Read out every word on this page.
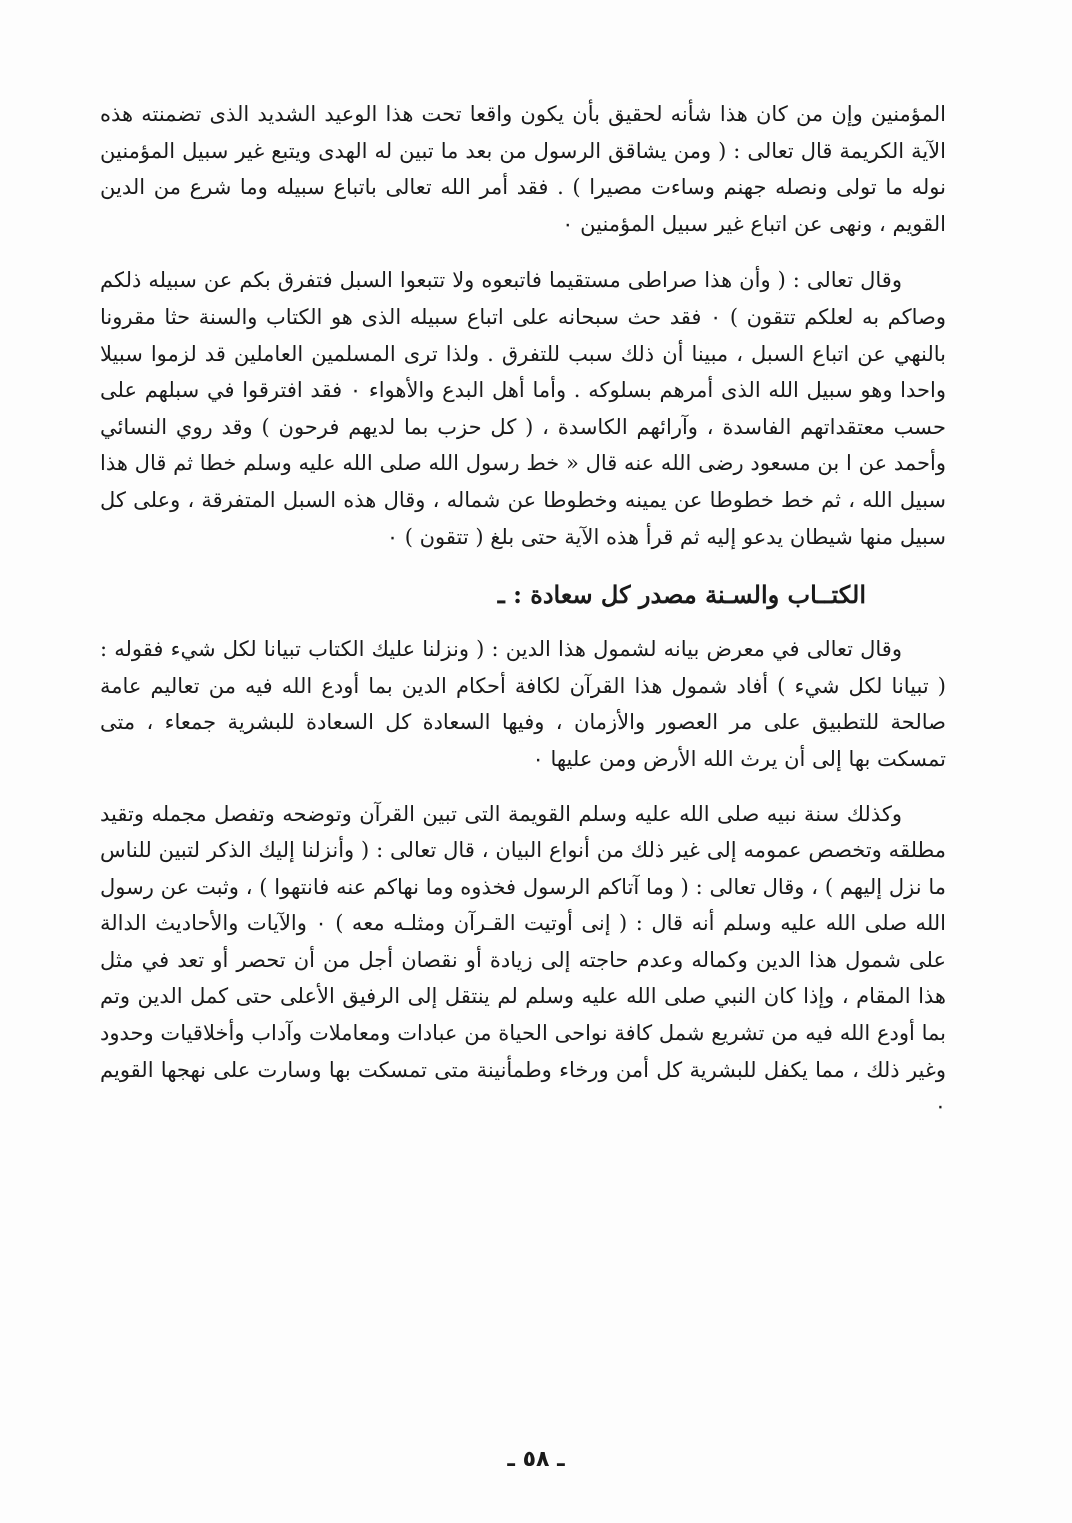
المؤمنين وإن من كان هذا شأنه لحقيق بأن يكون واقعا تحت هذا الوعيد الشديد الذى تضمنته هذه الآية الكريمة قال تعالى : ( ومن يشاقق الرسول من بعد ما تبين له الهدى ويتبع غير سبيل المؤمنين نوله ما تولى ونصله جهنم وساءت مصيرا ) . فقد أمر الله تعالى باتباع سبيله وما شرع من الدين القويم ، ونهى عن اتباع غير سبيل المؤمنين ٠

وقال تعالى : ( وأن هذا صراطى مستقيما فاتبعوه ولا تتبعوا السبل فتفرق بكم عن سبيله ذلكم وصاكم به لعلكم تتقون ) ٠ فقد حث سبحانه على اتباع سبيله الذى هو الكتاب والسنة حثا مقرونا بالنهي عن اتباع السبل ، مبينا أن ذلك سبب للتفرق . ولذا ترى المسلمين العاملين قد لزموا سبيلا واحدا وهو سبيل الله الذى أمرهم بسلوكه . وأما أهل البدع والأهواء ٠ فقد افترقوا في سبلهم على حسب معتقداتهم الفاسدة ، وآرائهم الكاسدة ، ( كل حزب بما لديهم فرحون ) وقد روي النسائي وأحمد عن ا بن مسعود رضى الله عنه قال « خط رسول الله صلى الله عليه وسلم خطا ثم قال هذا سبيل الله ، ثم خط خطوطا عن يمينه وخطوطا عن شماله ، وقال هذه السبل المتفرقة ، وعلى كل سبيل منها شيطان يدعو إليه ثم قرأ هذه الآية حتى بلغ ( تتقون ) ٠

الكتــاب والسـنة مصدر كل سعادة : ـ

وقال تعالى في معرض بيانه لشمول هذا الدين : ( ونزلنا عليك الكتاب تبيانا لكل شيء فقوله : ( تبيانا لكل شيء ) أفاد شمول هذا القرآن لكافة أحكام الدين بما أودع الله فيه من تعاليم عامة صالحة للتطبيق على مر العصور والأزمان ، وفيها السعادة كل السعادة للبشرية جمعاء ، متى تمسكت بها إلى أن يرث الله الأرض ومن عليها ٠

وكذلك سنة نبيه صلى الله عليه وسلم القويمة التى تبين القرآن وتوضحه وتفصل مجمله وتقيد مطلقه وتخصص عمومه إلى غير ذلك من أنواع البيان ، قال تعالى : ( وأنزلنا إليك الذكر لتبين للناس ما نزل إليهم ) ، وقال تعالى : ( وما آتاكم الرسول فخذوه وما نهاكم عنه فانتهوا ) ، وثبت عن رسول الله صلى الله عليه وسلم أنه قال : ( إنى أوتيت القـرآن ومثلـه معه ) ٠ والآيات والأحاديث الدالة على شمول هذا الدين وكماله وعدم حاجته إلى زيادة أو نقصان أجل من أن تحصر أو تعد في مثل هذا المقام ، وإذا كان النبي صلى الله عليه وسلم لم ينتقل إلى الرفيق الأعلى حتى كمل الدين وتم بما أودع الله فيه من تشريع شمل كافة نواحى الحياة من عبادات ومعاملات وآداب وأخلاقيات وحدود وغير ذلك ، مما يكفل للبشرية كل أمن ورخاء وطمأنينة متى تمسكت بها وسارت على نهجها القويم ٠

ـ ٥٨ ـ
